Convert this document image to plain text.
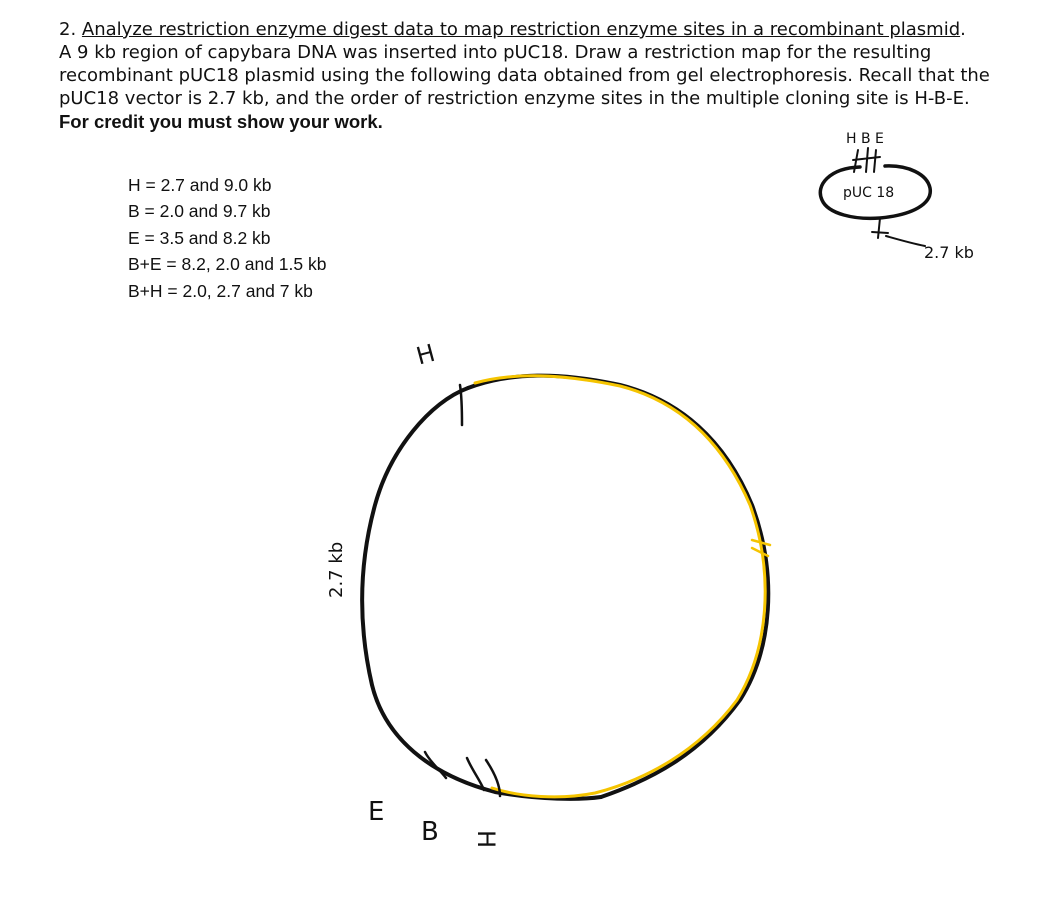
2. Analyze restriction enzyme digest data to map restriction enzyme sites in a recombinant plasmid.

A 9 kb region of capybara DNA was inserted into pUC18. Draw a restriction map for the resulting

recombinant pUC18 plasmid using the following data obtained from gel electrophoresis. Recall that the

pUC18 vector is 2.7 kb, and the order of restriction enzyme sites in the multiple cloning site is H-B-E.

For credit you must show your work.

H = 2.7 and 9.0 kb
B = 2.0 and 9.7 kb
E = 3.5 and 8.2 kb
B+E = 8.2, 2.0 and 1.5 kb
B+H = 2.0, 2.7 and 7 kb
H B E
pUC 18
2.7 kb
H
2.7 kb
E
B H
